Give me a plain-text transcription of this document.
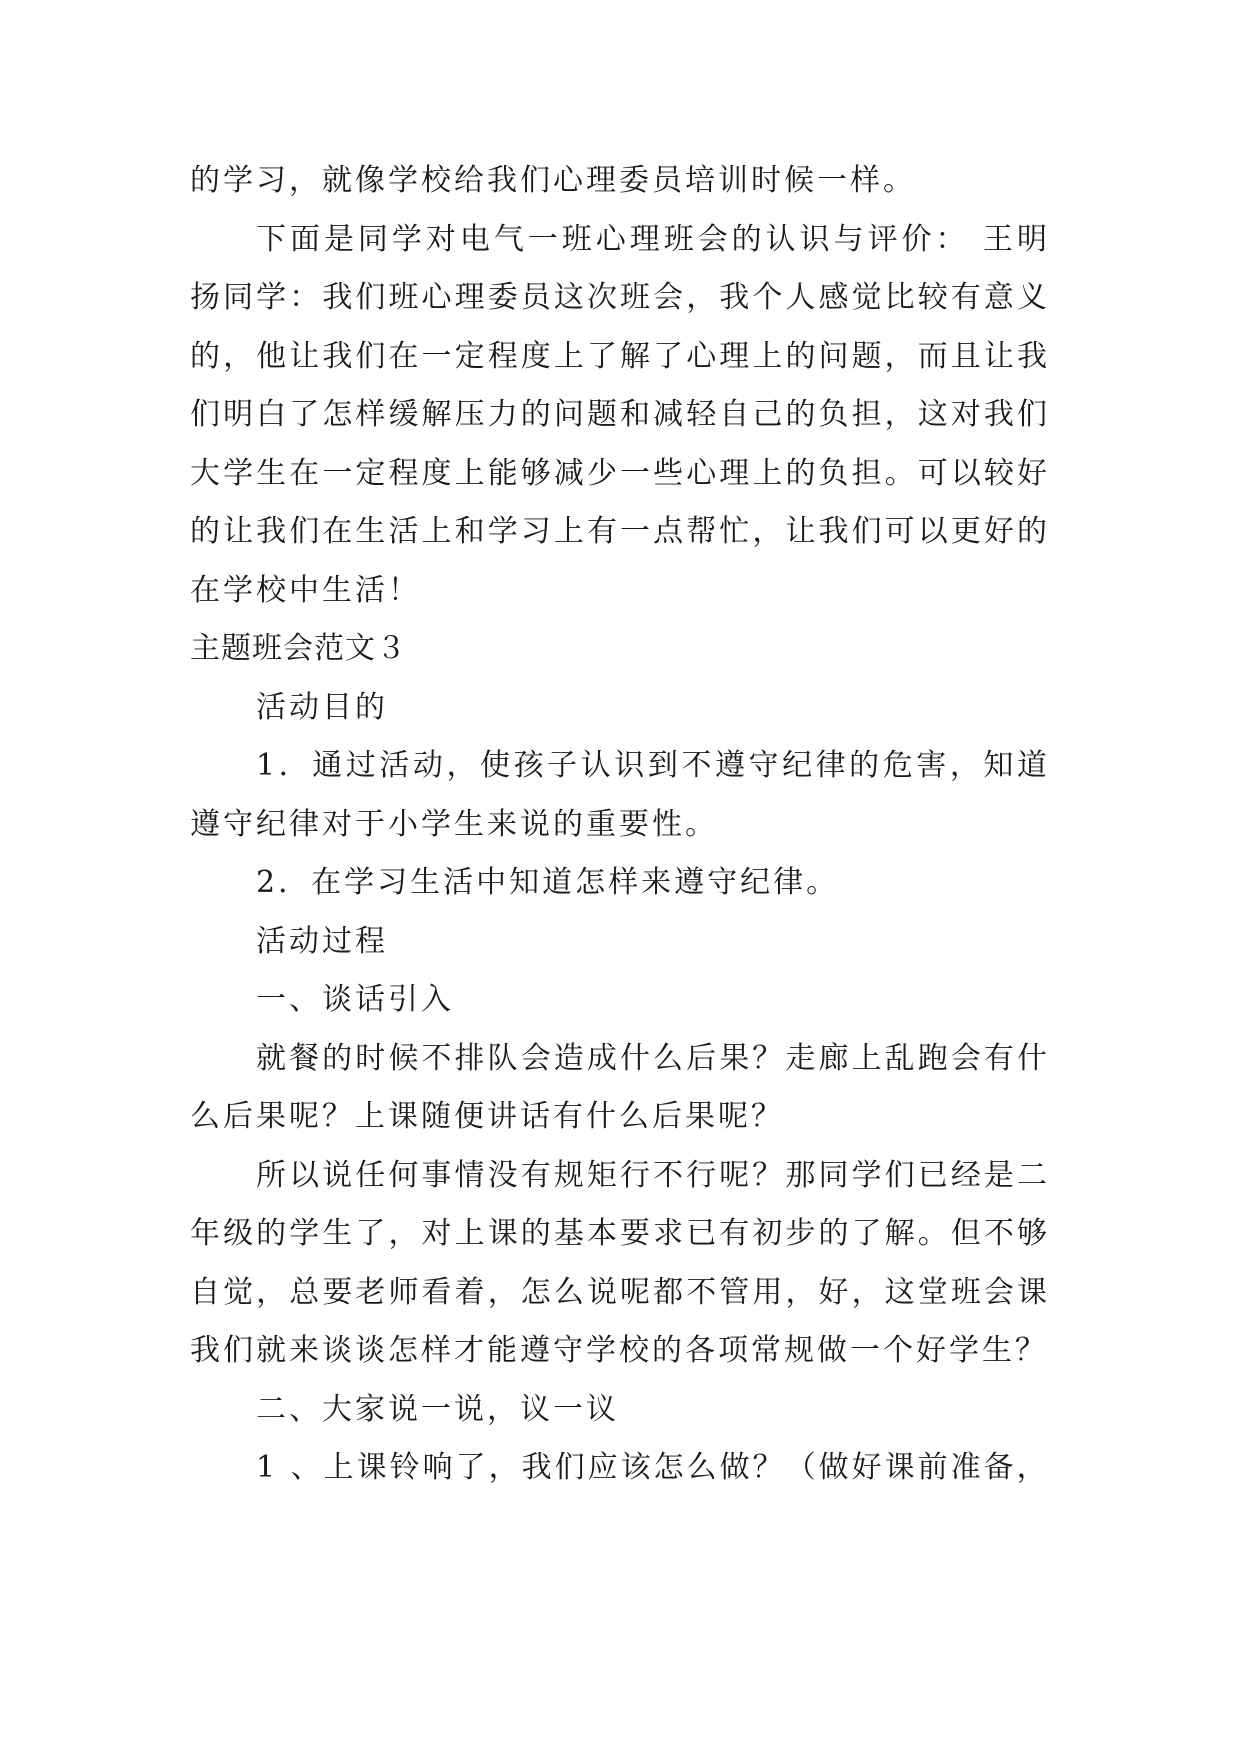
的学习，就像学校给我们心理委员培训时候一样。

下面是同学对电气一班心理班会的认识与评价： 王明扬同学：我们班心理委员这次班会，我个人感觉比较有意义的，他让我们在一定程度上了解了心理上的问题，而且让我们明白了怎样缓解压力的问题和减轻自己的负担，这对我们大学生在一定程度上能够减少一些心理上的负担。可以较好的让我们在生活上和学习上有一点帮忙，让我们可以更好的在学校中生活！

主题班会范文３

活动目的

1．通过活动，使孩子认识到不遵守纪律的危害，知道遵守纪律对于小学生来说的重要性。

2．在学习生活中知道怎样来遵守纪律。

活动过程

一、谈话引入

就餐的时候不排队会造成什么后果？走廊上乱跑会有什么后果呢？上课随便讲话有什么后果呢？

所以说任何事情没有规矩行不行呢？那同学们已经是二年级的学生了，对上课的基本要求已有初步的了解。但不够自觉，总要老师看着，怎么说呢都不管用，好，这堂班会课我们就来谈谈怎样才能遵守学校的各项常规做一个好学生？

二、大家说一说，议一议

1 、上课铃响了，我们应该怎么做？（做好课前准备，
